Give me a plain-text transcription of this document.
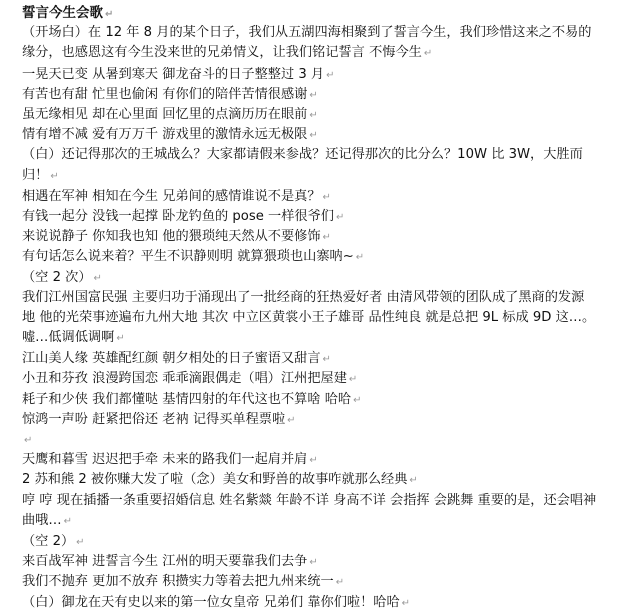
誓言今生会歌 ↵
（开场白）在 12 年 8 月的某个日子，我们从五湖四海相聚到了誓言今生，我们珍惜这来之不易的缘分，也感恩这有今生没来世的兄弟情义，让我们铭记誓言 不悔今生 ↵
一晃天已变 从暑到寒天 御龙奋斗的日子整整过 3 月 ↵
有苦也有甜 忙里也偷闲 有你们的陪伴苦情很感谢 ↵
虽无缘相见 却在心里面 回忆里的点滴历历在眼前 ↵
情有增不减 爱有万万千 游戏里的激情永远无极限 ↵
（白）还记得那次的王城战么？大家都请假来参战？还记得那次的比分么？10W 比 3W，大胜而归！ ↵
相遇在军神 相知在今生 兄弟间的感情谁说不是真？ ↵
有钱一起分 没钱一起撑 卧龙钓鱼的 pose 一样很爷们 ↵
来说说静子 你知我也知 他的猥琐纯天然从不要修饰 ↵
有句话怎么说来着？平生不识静则明 就算猥琐也山寨呐~ ↵
（空 2 次） ↵
我们江州国富民强 主要归功于涌现出了一批经商的狂热爱好者 由清风带领的团队成了黑商的发源地 他的光荣事迹遍布九州大地 其次 中立区黄裳小王子雄哥 品性纯良 就是总把 9L 标成 9D 这…。嘘…低调低调啊 ↵
江山美人缘 英雄配红颜 朝夕相处的日子蜜语又甜言 ↵
小丑和芬孜 浪漫跨国恋 乖乖滴跟偶走（唱）江州把屋建 ↵
耗子和少侠 我们都懂哒 基情四射的年代这也不算啥 哈哈 ↵
惊鸿一声吩 赶紧把俗还 老衲 记得买单程票啦 ↵
↵
天鹰和暮雪 迟迟把手牵 未来的路我们一起肩并肩 ↵
2 苏和熊 2 被你赚大发了啦（念）美女和野兽的故事咋就那么经典 ↵
哼 哼 现在插播一条重要招婚信息 姓名紫燚 年龄不详 身高不详 会指挥 会跳舞 重要的是，还会唱神曲哦… ↵
（空 2） ↵
来百战军神 进誓言今生 江州的明天要靠我们去争 ↵
我们不抛弃 更加不放弃 积攒实力等着去把九州来统一 ↵
（白）御龙在天有史以来的第一位女皇帝 兄弟们 靠你们啦！哈哈 ↵
